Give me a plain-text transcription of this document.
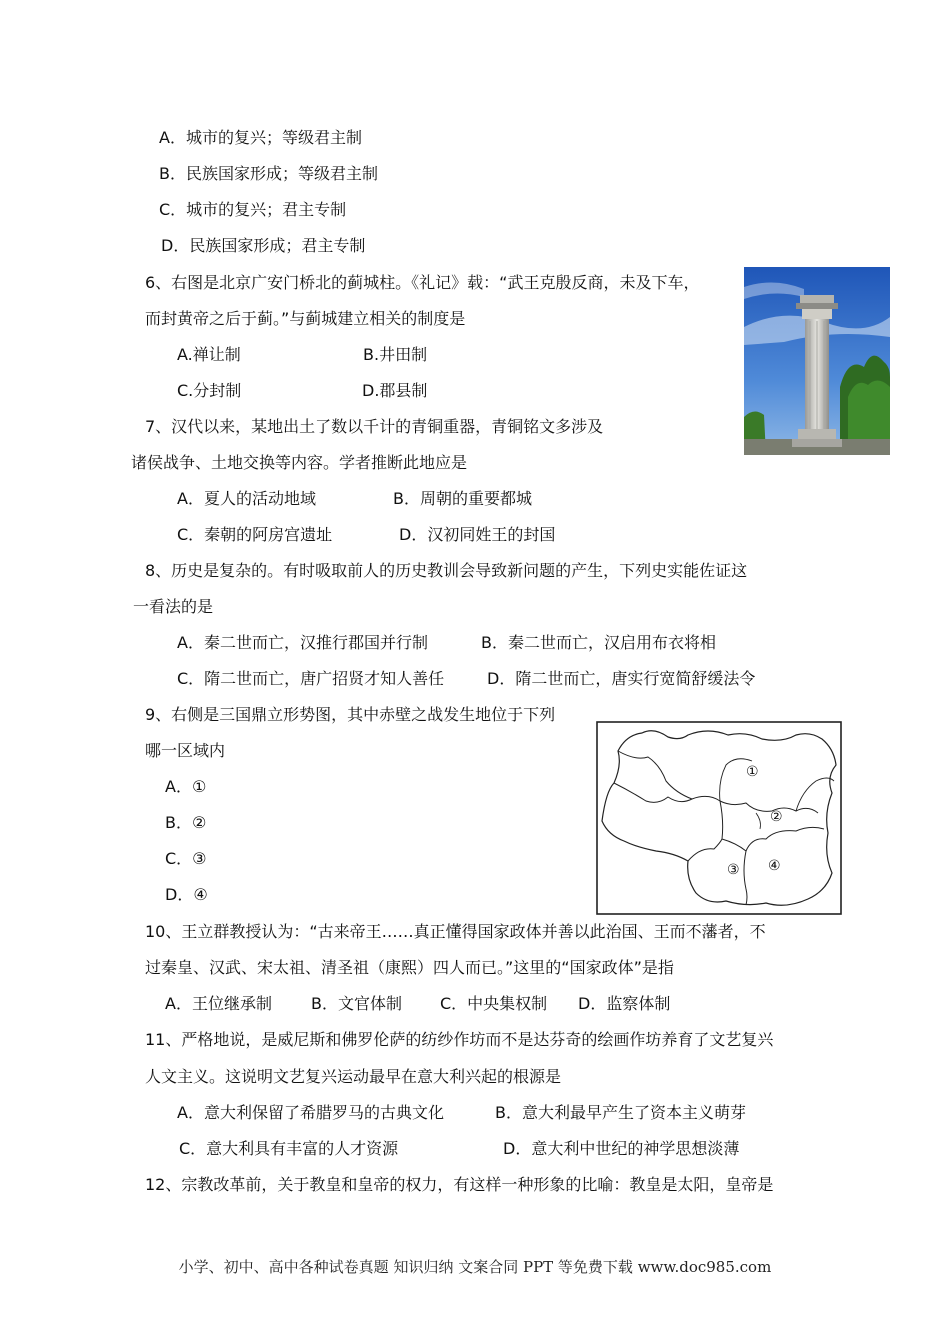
A．城市的复兴；等级君主制
B．民族国家形成；等级君主制
C．城市的复兴；君主专制
D．民族国家形成；君主专制
6、右图是北京广安门桥北的蓟城柱。《礼记》载：“武王克殷反商，未及下车，
而封黄帝之后于蓟。”与蓟城建立相关的制度是
A.禅让制	B.井田制
C.分封制	D.郡县制
7、汉代以来，某地出土了数以千计的青铜重器，青铜铭文多涉及
诸侯战争、土地交换等内容。学者推断此地应是
A．夏人的活动地域	B．周朝的重要都城
C．秦朝的阿房宫遗址	D．汉初同姓王的封国
8、历史是复杂的。有时吸取前人的历史教训会导致新问题的产生，下列史实能佐证这
一看法的是
A．秦二世而亡，汉推行郡国并行制	B．秦二世而亡，汉启用布衣将相
C．隋二世而亡，唐广招贤才知人善任	D．隋二世而亡，唐实行宽简舒缓法令
9、右侧是三国鼎立形势图，其中赤壁之战发生地位于下列
哪一区域内
A．①
B．②
C．③
D．④
①
②
③ ④
10、王立群教授认为：“古来帝王……真正懂得国家政体并善以此治国、王而不藩者，不
过秦皇、汉武、宋太祖、清圣祖（康熙）四人而已。”这里的“国家政体”是指
A．王位继承制 B．文官体制 C．中央集权制 D．监察体制
11、严格地说，是威尼斯和佛罗伦萨的纺纱作坊而不是达芬奇的绘画作坊养育了文艺复兴
人文主义。这说明文艺复兴运动最早在意大利兴起的根源是
A．意大利保留了希腊罗马的古典文化	B．意大利最早产生了资本主义萌芽
C．意大利具有丰富的人才资源	D．意大利中世纪的神学思想淡薄
12、宗教改革前，关于教皇和皇帝的权力，有这样一种形象的比喻：教皇是太阳，皇帝是
小学、初中、高中各种试卷真题 知识归纳 文案合同 PPT 等免费下载 www.doc985.com
